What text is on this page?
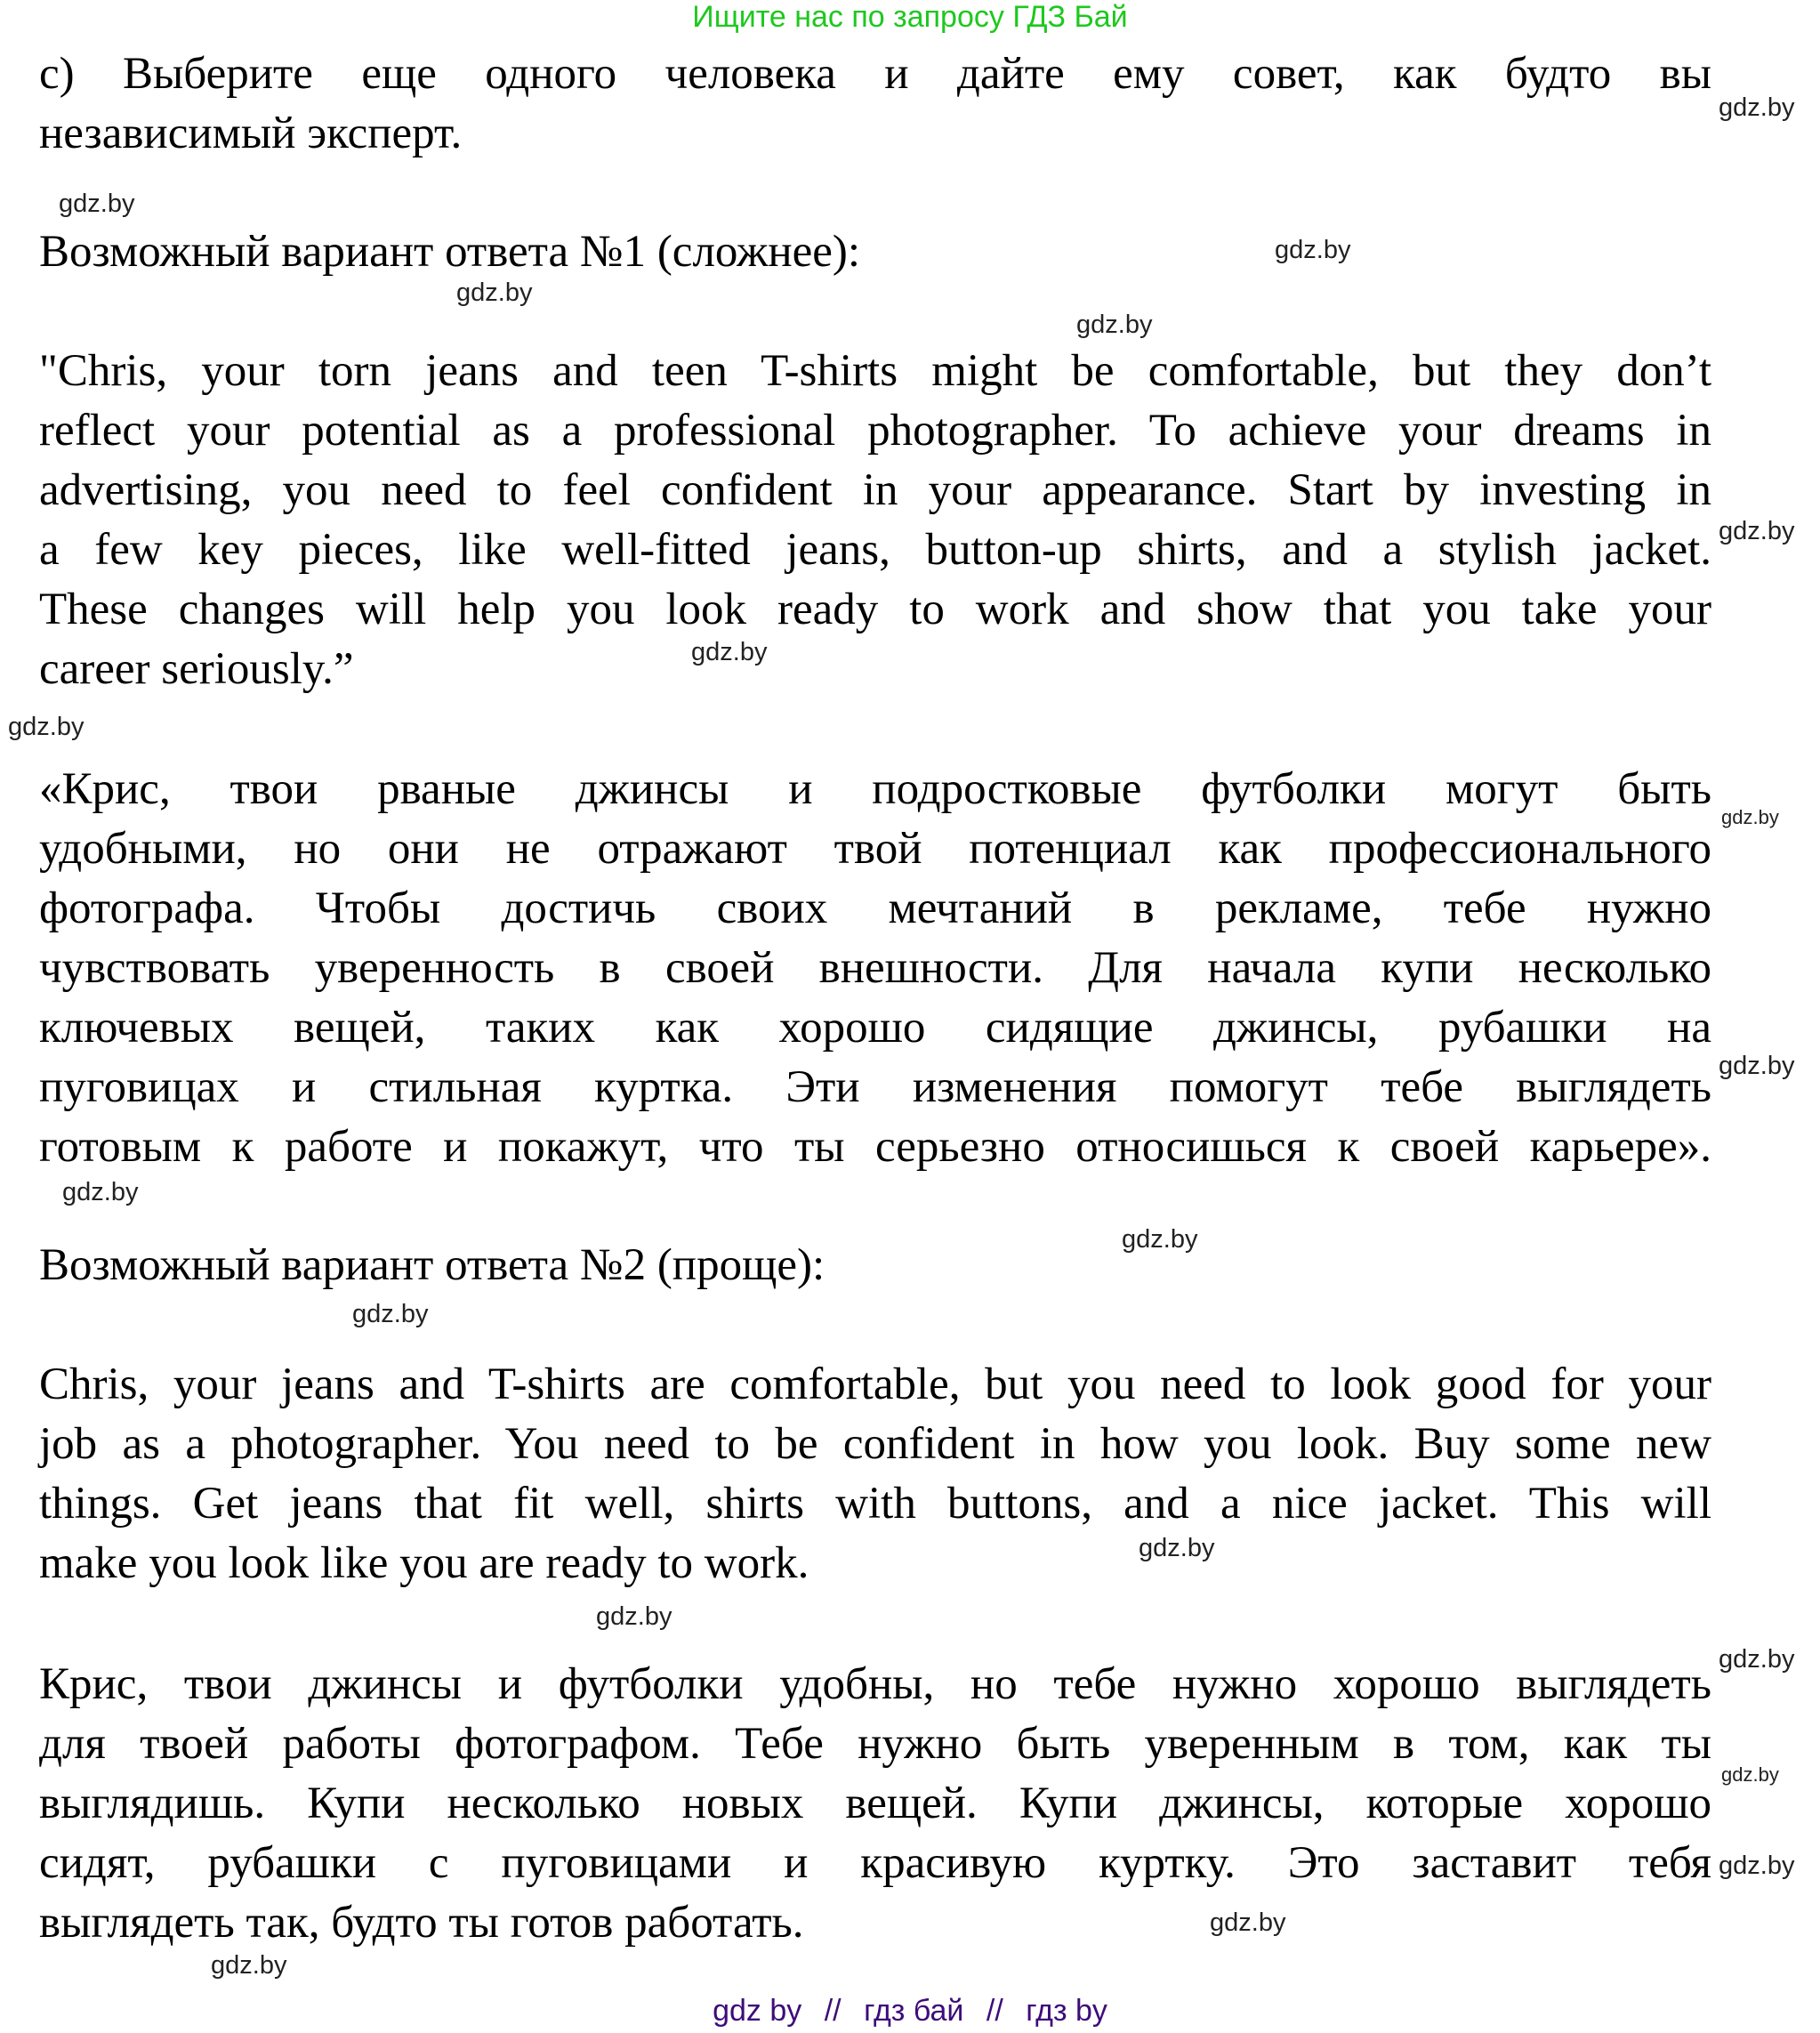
Ищите нас по запросу ГДЗ Бай
c) Выберите еще одного человека и дайте ему совет, как будто вы
независимый эксперт.
Возможный вариант ответа №1 (сложнее):
"Chris, your torn jeans and teen T-shirts might be comfortable, but they don’t
reflect your potential as a professional photographer. To achieve your dreams in
advertising, you need to feel confident in your appearance. Start by investing in
a few key pieces, like well-fitted jeans, button-up shirts, and a stylish jacket.
These changes will help you look ready to work and show that you take your
career seriously.”
«Крис, твои рваные джинсы и подростковые футболки могут быть
удобными, но они не отражают твой потенциал как профессионального
фотографа. Чтобы достичь своих мечтаний в рекламе, тебе нужно
чувствовать уверенность в своей внешности. Для начала купи несколько
ключевых вещей, таких как хорошо сидящие джинсы, рубашки на
пуговицах и стильная куртка. Эти изменения помогут тебе выглядеть
готовым к работе и покажут, что ты серьезно относишься к своей карьере».
Возможный вариант ответа №2 (проще):
Chris, your jeans and T-shirts are comfortable, but you need to look good for your
job as a photographer. You need to be confident in how you look. Buy some new
things. Get jeans that fit well, shirts with buttons, and a nice jacket. This will
make you look like you are ready to work.
Крис, твои джинсы и футболки удобны, но тебе нужно хорошо выглядеть
для твоей работы фотографом. Тебе нужно быть уверенным в том, как ты
выглядишь. Купи несколько новых вещей. Купи джинсы, которые хорошо
сидят, рубашки с пуговицами и красивую куртку. Это заставит тебя
выглядеть так, будто ты готов работать.
gdz.by
gdz.by
gdz.by
gdz.by
gdz.by
gdz.by
gdz.by
gdz.by
gdz.by
gdz.by
gdz.by
gdz.by
gdz.by
gdz.by
gdz.by
gdz.by
gdz.by
gdz.by
gdz.by
gdz.by
gdz by // гдз бай // гдз by
